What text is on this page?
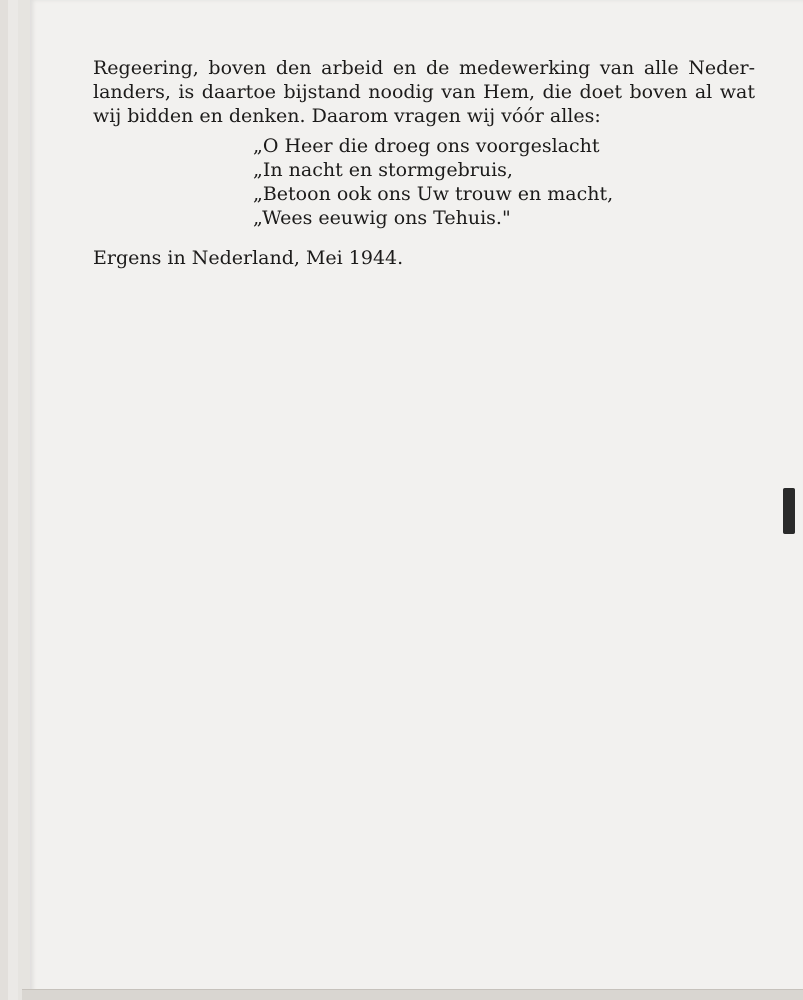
Regeering, boven den arbeid en de medewerking van alle Neder-
landers, is daartoe bijstand noodig van Hem, die doet boven al wat
wij bidden en denken. Daarom vragen wij vóór alles:

„O Heer die droeg ons voorgeslacht
„In nacht en stormgebruis,
„Betoon ook ons Uw trouw en macht,
„Wees eeuwig ons Tehuis."

Ergens in Nederland, Mei 1944.
